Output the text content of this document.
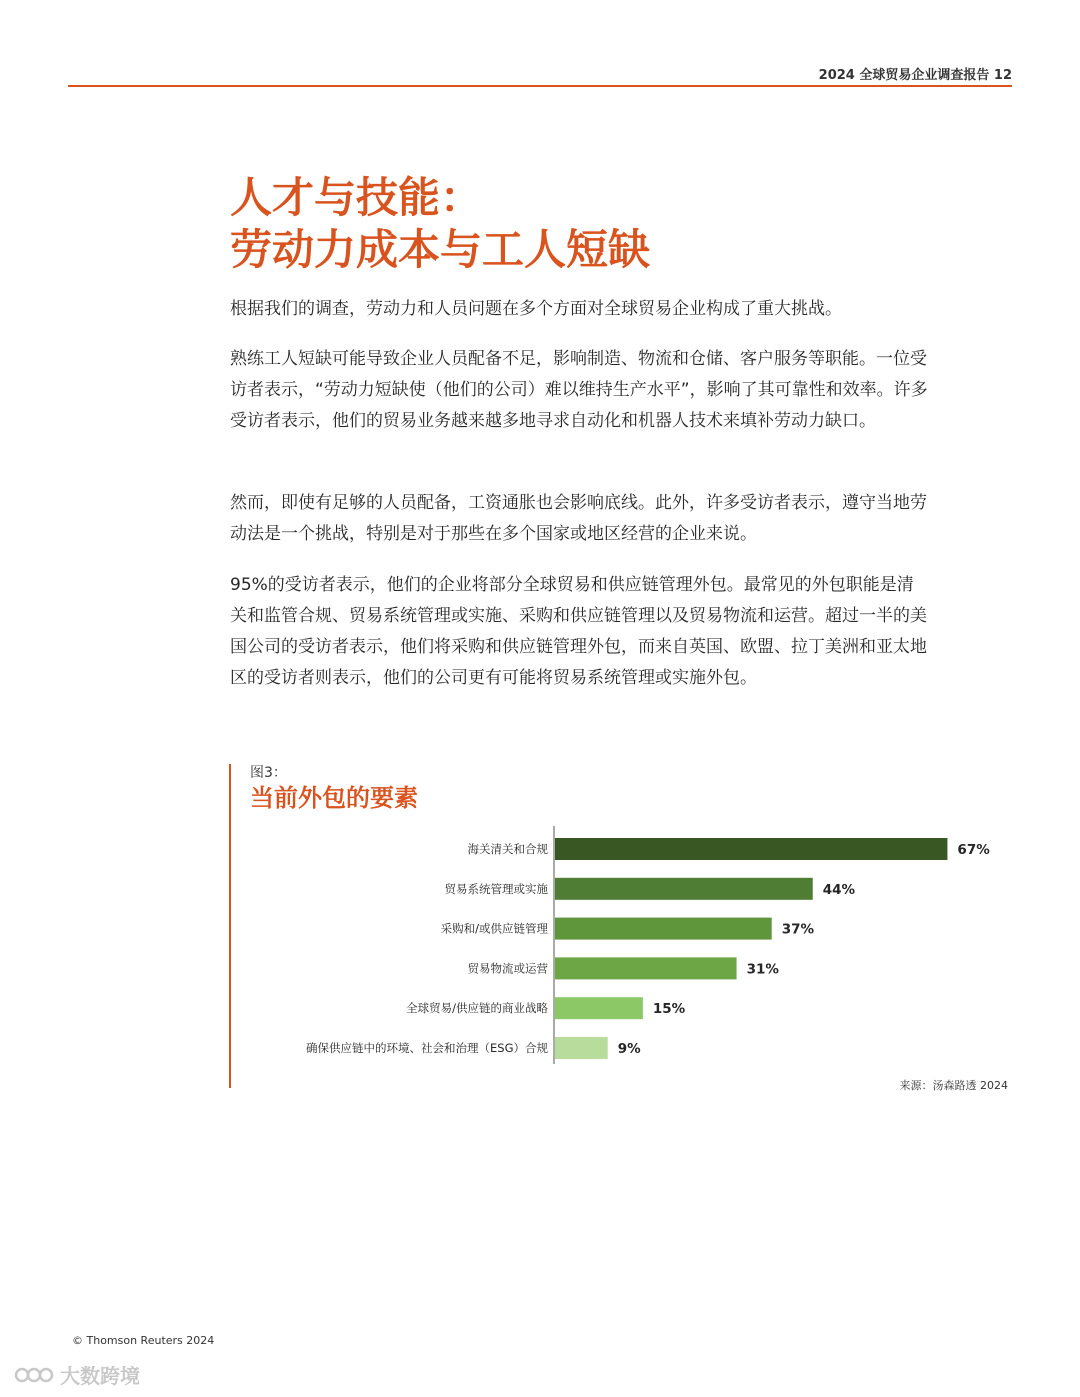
2024 全球贸易企业调查报告 12
人才与技能：
劳动力成本与工人短缺
根据我们的调查，劳动力和人员问题在多个方面对全球贸易企业构成了重大挑战。
熟练工人短缺可能导致企业人员配备不足，影响制造、物流和仓储、客户服务等职能。一位受访者表示，“劳动力短缺使（他们的公司）难以维持生产水平”，影响了其可靠性和效率。许多受访者表示，他们的贸易业务越来越多地寻求自动化和机器人技术来填补劳动力缺口。
然而，即使有足够的人员配备，工资通胀也会影响底线。此外，许多受访者表示，遵守当地劳动法是一个挑战，特别是对于那些在多个国家或地区经营的企业来说。
95%的受访者表示，他们的企业将部分全球贸易和供应链管理外包。最常见的外包职能是清关和监管合规、贸易系统管理或实施、采购和供应链管理以及贸易物流和运营。超过一半的美国公司的受访者表示，他们将采购和供应链管理外包，而来自英国、欧盟、拉丁美洲和亚太地区的受访者则表示，他们的公司更有可能将贸易系统管理或实施外包。
图3：
当前外包的要素
海关清关和合规	67%
贸易系统管理或实施	44%
采购和/或供应链管理	37%
贸易物流或运营	31%
全球贸易/供应链的商业战略	15%
确保供应链中的环境、社会和治理（ESG）合规	9%
来源：汤森路透 2024
© Thomson Reuters 2024
大数跨境
